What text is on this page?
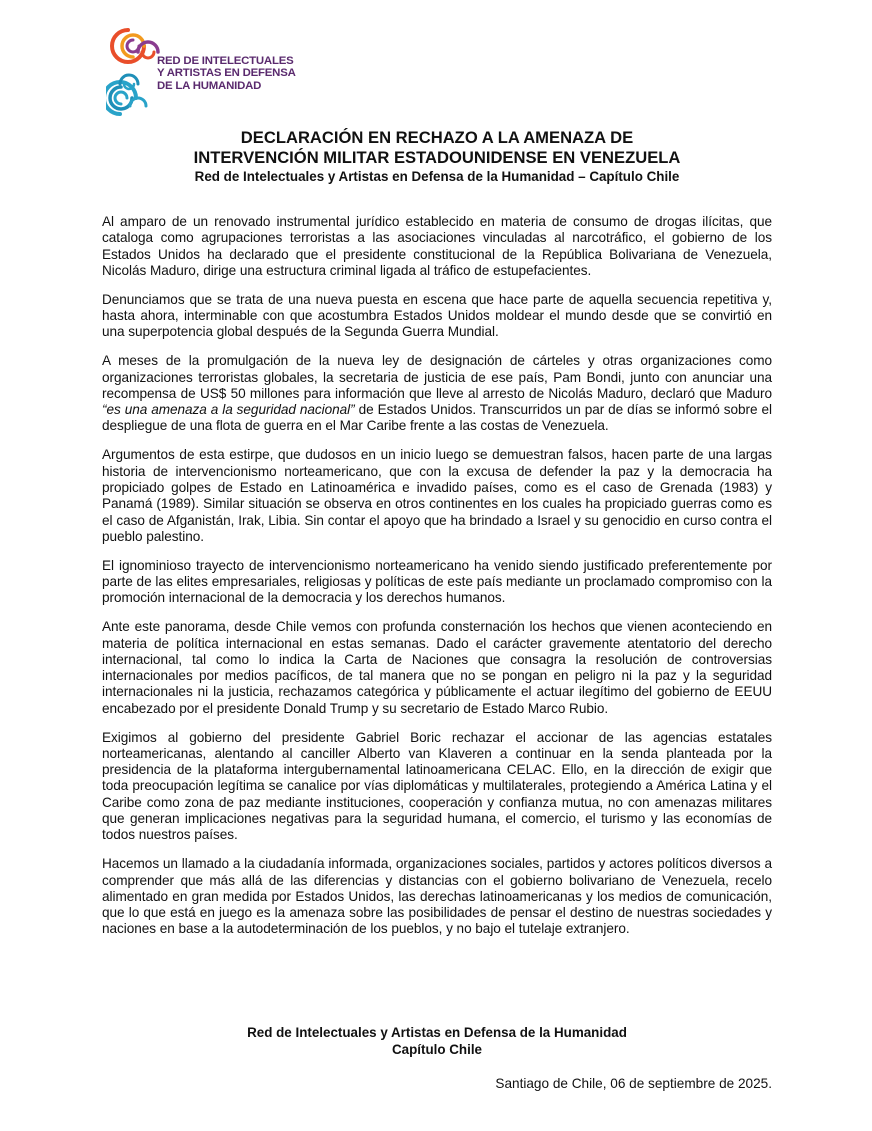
RED DE INTELECTUALES
Y ARTISTAS EN DEFENSA
DE LA HUMANIDAD
DECLARACIÓN EN RECHAZO A LA AMENAZA DE
INTERVENCIÓN MILITAR ESTADOUNIDENSE EN VENEZUELA
Red de Intelectuales y Artistas en Defensa de la Humanidad – Capítulo Chile

Al amparo de un renovado instrumental jurídico establecido en materia de consumo de drogas ilícitas, que cataloga como agrupaciones terroristas a las asociaciones vinculadas al narcotráfico, el gobierno de los Estados Unidos ha declarado que el presidente constitucional de la República Bolivariana de Venezuela, Nicolás Maduro, dirige una estructura criminal ligada al tráfico de estupefacientes.

Denunciamos que se trata de una nueva puesta en escena que hace parte de aquella secuencia repetitiva y, hasta ahora, interminable con que acostumbra Estados Unidos moldear el mundo desde que se convirtió en una superpotencia global después de la Segunda Guerra Mundial.

A meses de la promulgación de la nueva ley de designación de cárteles y otras organizaciones como organizaciones terroristas globales, la secretaria de justicia de ese país, Pam Bondi, junto con anunciar una recompensa de US$ 50 millones para información que lleve al arresto de Nicolás Maduro, declaró que Maduro “es una amenaza a la seguridad nacional” de Estados Unidos. Transcurridos un par de días se informó sobre el despliegue de una flota de guerra en el Mar Caribe frente a las costas de Venezuela.

Argumentos de esta estirpe, que dudosos en un inicio luego se demuestran falsos, hacen parte de una largas historia de intervencionismo norteamericano, que con la excusa de defender la paz y la democracia ha propiciado golpes de Estado en Latinoamérica e invadido países, como es el caso de Grenada (1983) y Panamá (1989). Similar situación se observa en otros continentes en los cuales ha propiciado guerras como es el caso de Afganistán, Irak, Libia. Sin contar el apoyo que ha brindado a Israel y su genocidio en curso contra el pueblo palestino.

El ignominioso trayecto de intervencionismo norteamericano ha venido siendo justificado preferentemente por parte de las elites empresariales, religiosas y políticas de este país mediante un proclamado compromiso con la promoción internacional de la democracia y los derechos humanos.

Ante este panorama, desde Chile vemos con profunda consternación los hechos que vienen aconteciendo en materia de política internacional en estas semanas. Dado el carácter gravemente atentatorio del derecho internacional, tal como lo indica la Carta de Naciones que consagra la resolución de controversias internacionales por medios pacíficos, de tal manera que no se pongan en peligro ni la paz y la seguridad internacionales ni la justicia, rechazamos categórica y públicamente el actuar ilegítimo del gobierno de EEUU encabezado por el presidente Donald Trump y su secretario de Estado Marco Rubio.

Exigimos al gobierno del presidente Gabriel Boric rechazar el accionar de las agencias estatales norteamericanas, alentando al canciller Alberto van Klaveren a continuar en la senda planteada por la presidencia de la plataforma intergubernamental latinoamericana CELAC. Ello, en la dirección de exigir que toda preocupación legítima se canalice por vías diplomáticas y multilaterales, protegiendo a América Latina y el Caribe como zona de paz mediante instituciones, cooperación y confianza mutua, no con amenazas militares que generan implicaciones negativas para la seguridad humana, el comercio, el turismo y las economías de todos nuestros países.

Hacemos un llamado a la ciudadanía informada, organizaciones sociales, partidos y actores políticos diversos a comprender que más allá de las diferencias y distancias con el gobierno bolivariano de Venezuela, recelo alimentado en gran medida por Estados Unidos, las derechas latinoamericanas y los medios de comunicación, que lo que está en juego es la amenaza sobre las posibilidades de pensar el destino de nuestras sociedades y naciones en base a la autodeterminación de los pueblos, y no bajo el tutelaje extranjero.

Red de Intelectuales y Artistas en Defensa de la Humanidad
Capítulo Chile
Santiago de Chile, 06 de septiembre de 2025.
